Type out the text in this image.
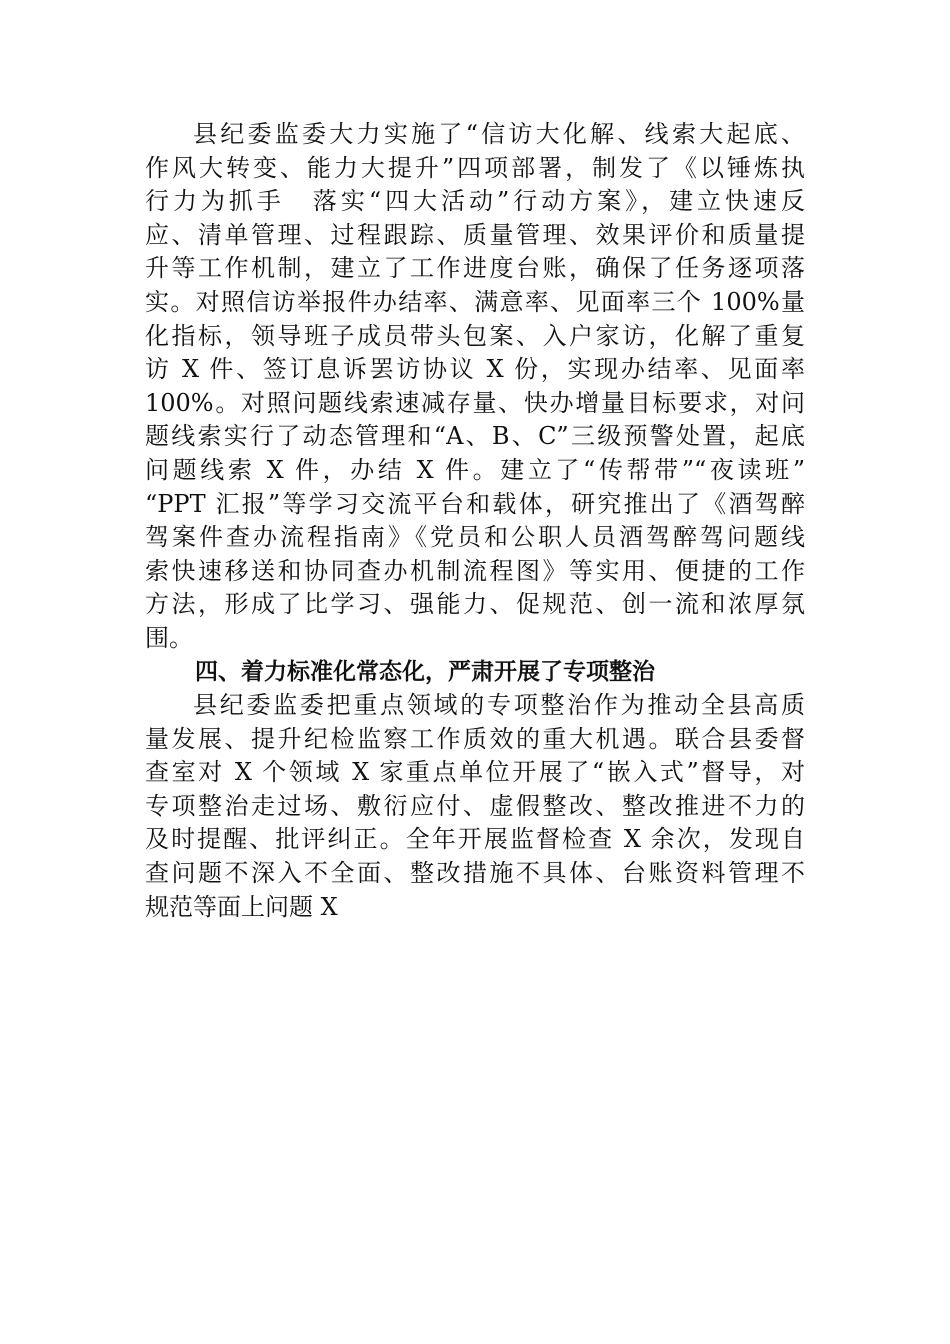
县纪委监委大力实施了“信访大化解、线索大起底、
作风大转变、能力大提升”四项部署，制发了《以锤炼执
行力为抓手　落实“四大活动”行动方案》，建立快速反
应、清单管理、过程跟踪、质量管理、效果评价和质量提
升等工作机制，建立了工作进度台账，确保了任务逐项落
实。对照信访举报件办结率、满意率、见面率三个 100%量
化指标，领导班子成员带头包案、入户家访，化解了重复
访 X 件、签订息诉罢访协议 X 份，实现办结率、见面率
100%。对照问题线索速减存量、快办增量目标要求，对问
题线索实行了动态管理和“A、B、C”三级预警处置，起底
问题线索 X 件，办结 X 件。建立了“传帮带”“夜读班”
“PPT 汇报”等学习交流平台和载体，研究推出了《酒驾醉
驾案件查办流程指南》《党员和公职人员酒驾醉驾问题线
索快速移送和协同查办机制流程图》等实用、便捷的工作
方法，形成了比学习、强能力、促规范、创一流和浓厚氛
围。
四、着力标准化常态化，严肃开展了专项整治
县纪委监委把重点领域的专项整治作为推动全县高质
量发展、提升纪检监察工作质效的重大机遇。联合县委督
查室对 X 个领域 X 家重点单位开展了“嵌入式”督导，对
专项整治走过场、敷衍应付、虚假整改、整改推进不力的
及时提醒、批评纠正。全年开展监督检查 X 余次，发现自
查问题不深入不全面、整改措施不具体、台账资料管理不
规范等面上问题 X
